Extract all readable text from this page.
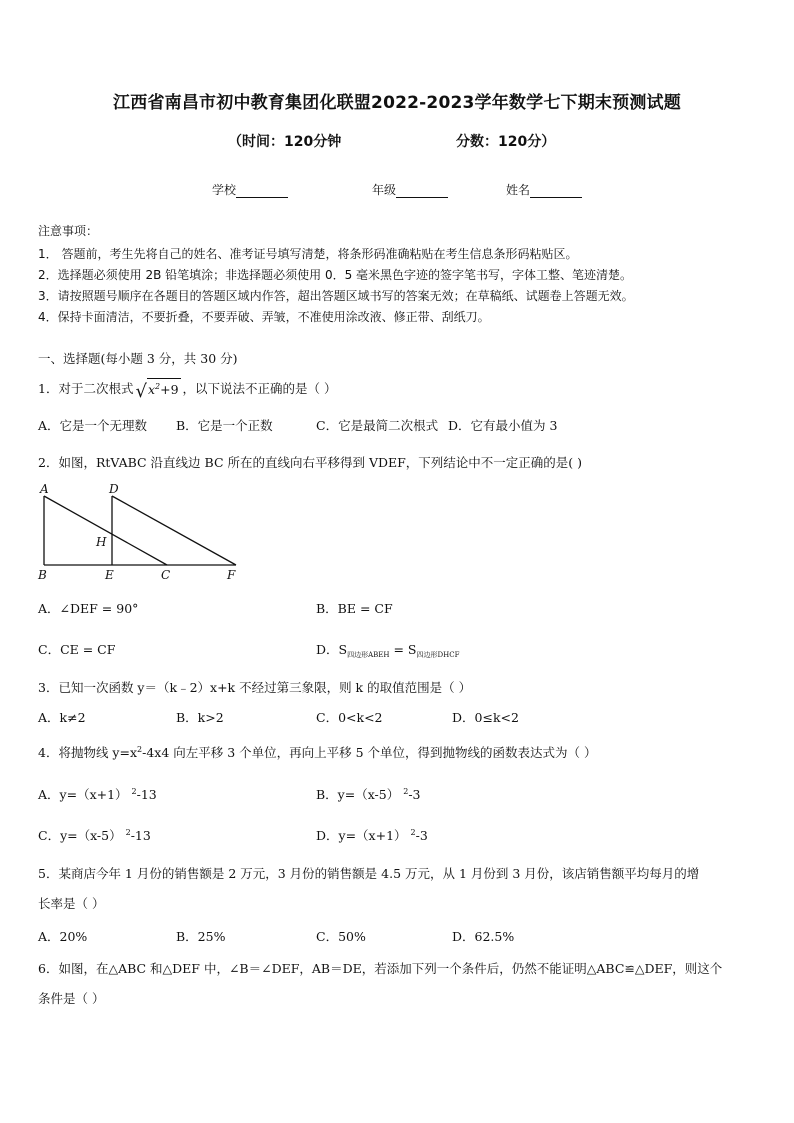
江西省南昌市初中教育集团化联盟2022-2023学年数学七下期末预测试题
（时间：120分钟	分数：120分）
学校	年级	姓名
注意事项：
1． 答题前，考生先将自己的姓名、准考证号填写清楚，将条形码准确粘贴在考生信息条形码粘贴区。
2．选择题必须使用 2B 铅笔填涂；非选择题必须使用 0．5 毫米黑色字迹的签字笔书写，字体工整、笔迹清楚。
3．请按照题号顺序在各题目的答题区域内作答，超出答题区域书写的答案无效；在草稿纸、试题卷上答题无效。
4．保持卡面清洁，不要折叠，不要弄破、弄皱，不准使用涂改液、修正带、刮纸刀。
一、选择题(每小题 3 分，共 30 分)
1．对于二次根式 $√x^2+9$ ，以下说法不正确的是（ ）
A．它是一个无理数 B．它是一个正数	C．它是最简二次根式 D．它有最小值为 3
2．如图，RtVABC 沿直线边 BC 所在的直线向右平移得到 VDEF，下列结论中不一定正确的是( )
A	D
H
B	E	C	F
A．∠DEF = 90°	B．BE = CF
C．CE = CF	D．$S_{四边形ABEH} = S_{四边形DHCF}$
3．已知一次函数 y＝（k﹣2）x+k 不经过第三象限，则 k 的取值范围是（ ）
A．k≠2	B．k>2	C．0<k<2	D．0≤k<2
4．将抛物线 $y=x^2-4x4$ 向左平移 3 个单位，再向上平移 5 个单位，得到抛物线的函数表达式为（ ）
A．y=（x+1） $^2$-13	B．y=（x-5） $^2$-3
C．y=（x-5） $^2$-13	D．y=（x+1） $^2$-3
5．某商店今年 1 月份的销售额是 2 万元，3 月份的销售额是 4.5 万元，从 1 月份到 3 月份，该店销售额平均每月的增
长率是（ ）
A．20%	B．25%	C．50%	D．62.5%
6．如图，在△ABC 和△DEF 中，∠B＝∠DEF，AB＝DE，若添加下列一个条件后，仍然不能证明△ABC≌△DEF，则这个
条件是（ ）
